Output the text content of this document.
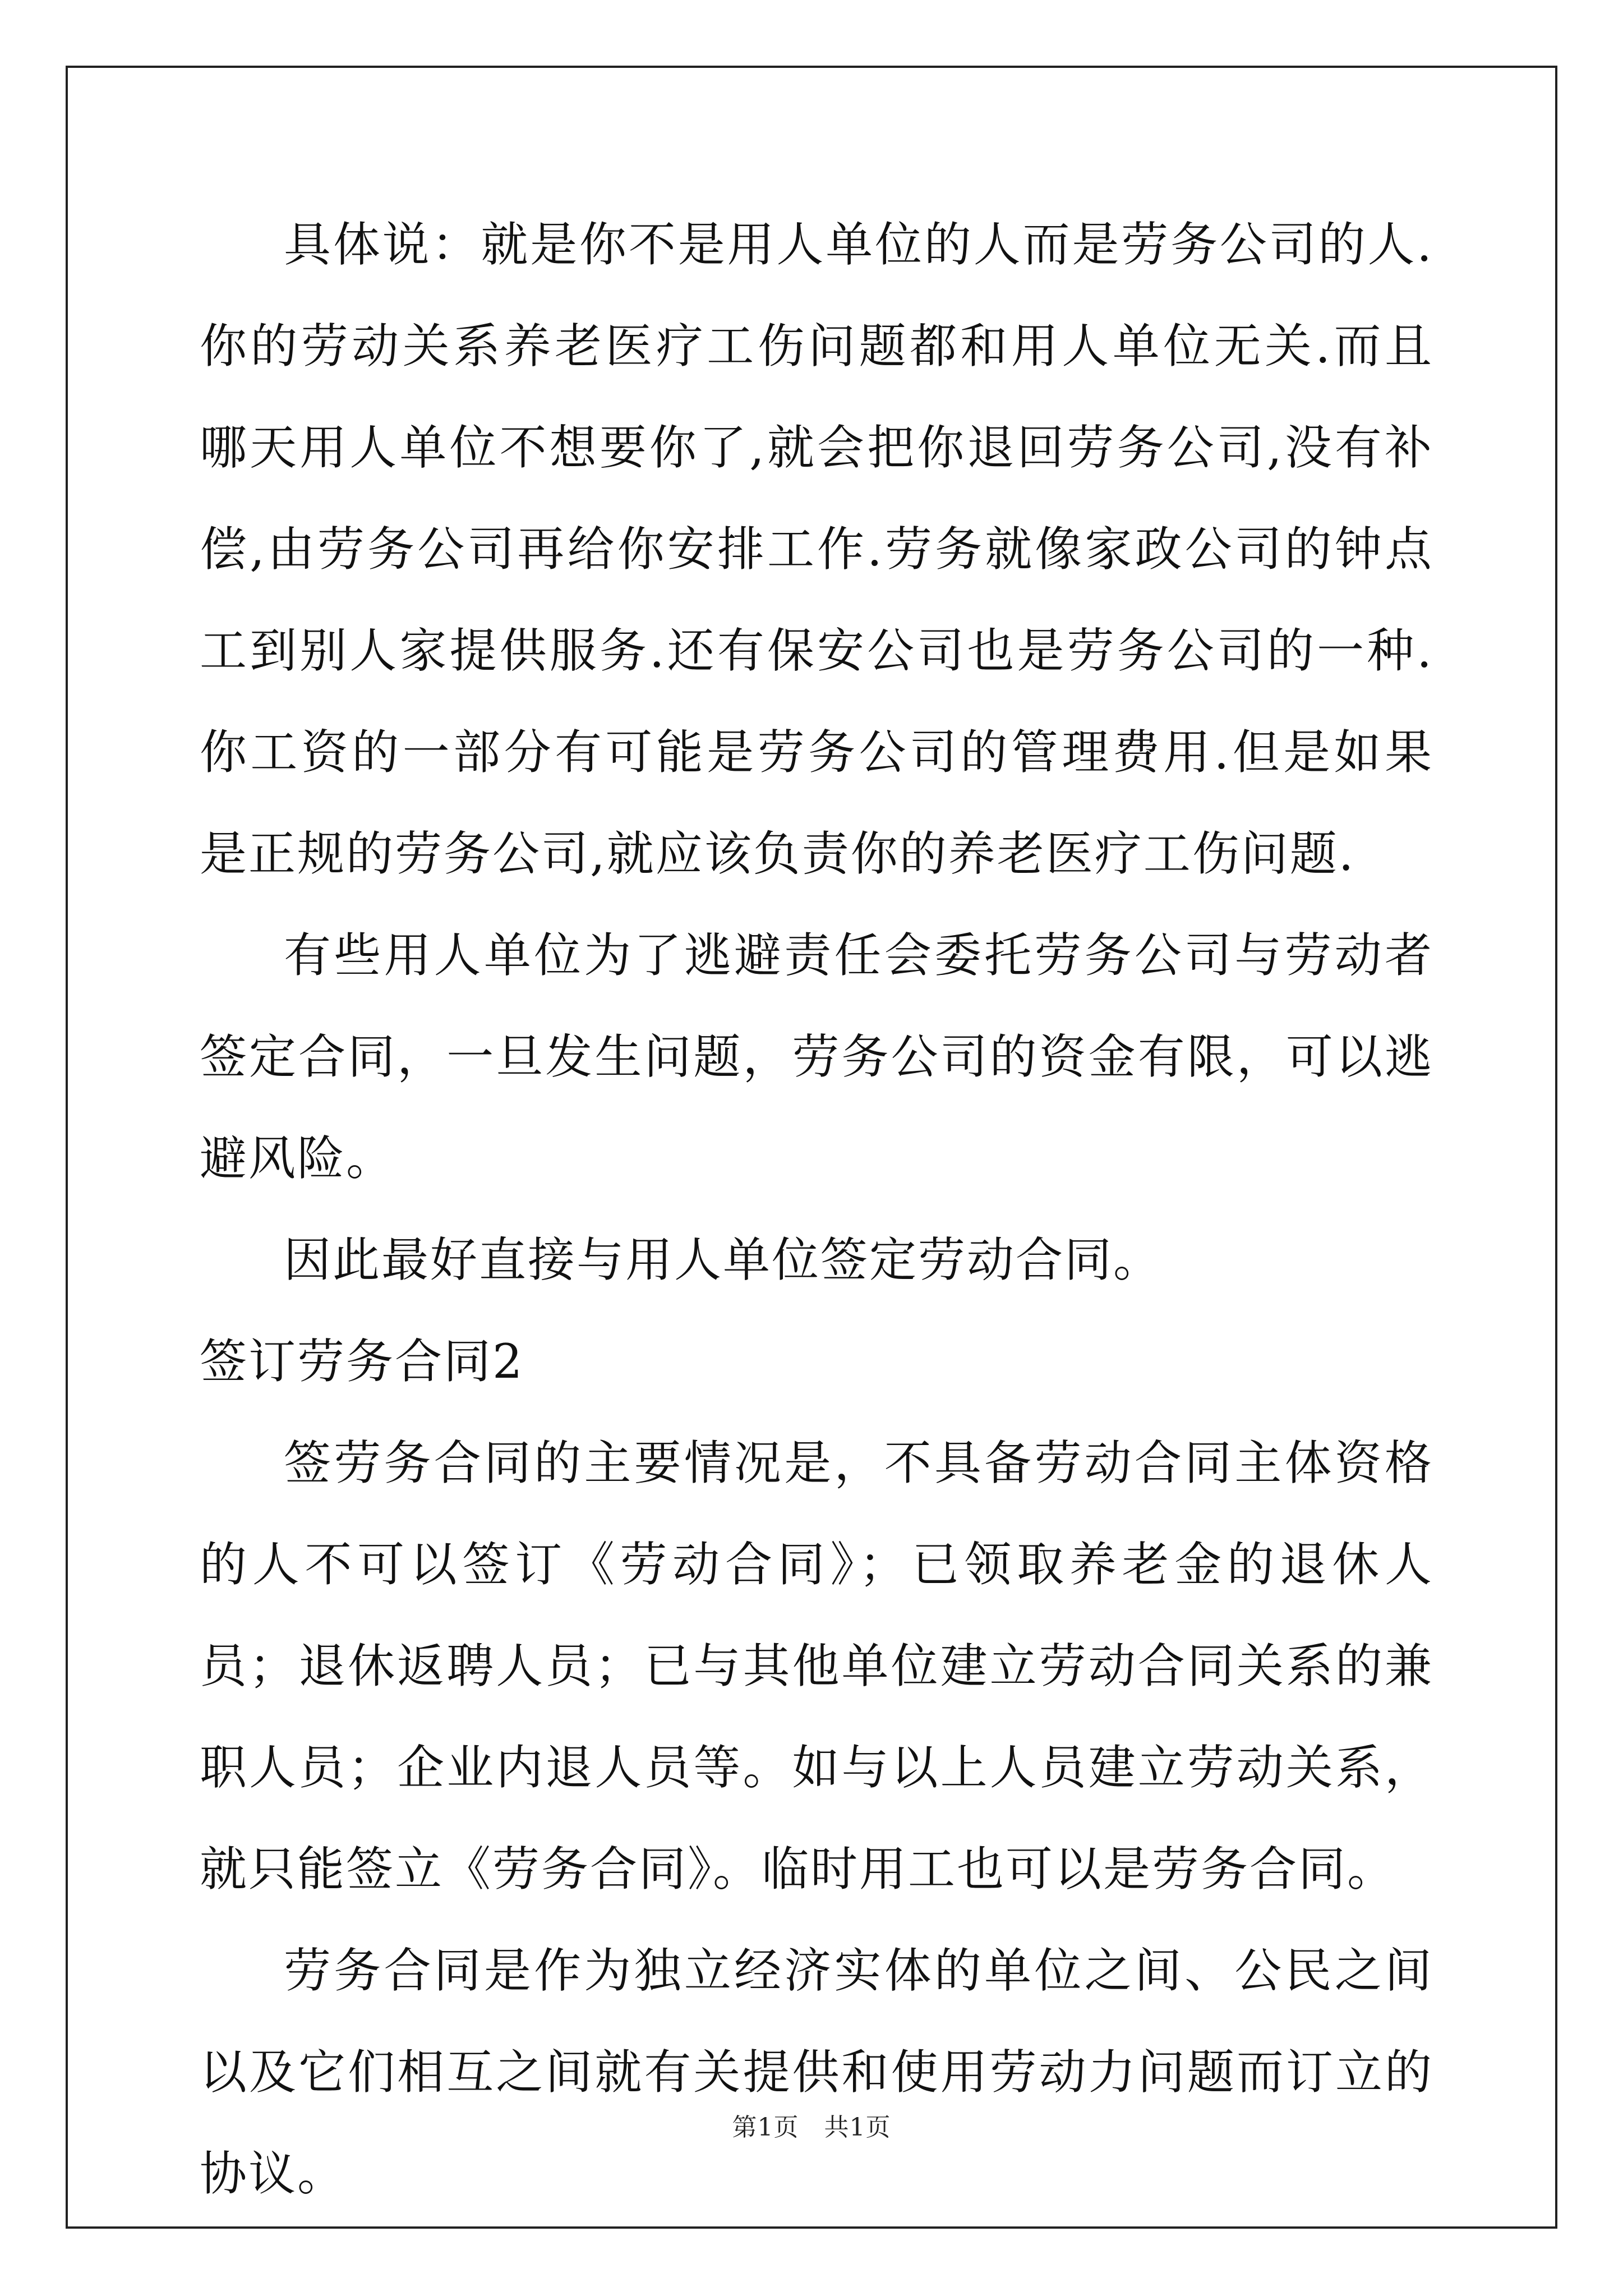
具体说：就是你不是用人单位的人而是劳务公司的人.你的劳动关系养老医疗工伤问题都和用人单位无关.而且哪天用人单位不想要你了,就会把你退回劳务公司,没有补偿,由劳务公司再给你安排工作.劳务就像家政公司的钟点工到别人家提供服务.还有保安公司也是劳务公司的一种.你工资的一部分有可能是劳务公司的管理费用.但是如果是正规的劳务公司,就应该负责你的养老医疗工伤问题.

有些用人单位为了逃避责任会委托劳务公司与劳动者签定合同，一旦发生问题，劳务公司的资金有限，可以逃避风险。

因此最好直接与用人单位签定劳动合同。

签订劳务合同2

签劳务合同的主要情况是，不具备劳动合同主体资格的人不可以签订《劳动合同》；已领取养老金的退休人员；退休返聘人员；已与其他单位建立劳动合同关系的兼职人员；企业内退人员等。如与以上人员建立劳动关系，就只能签立《劳务合同》。临时用工也可以是劳务合同。

劳务合同是作为独立经济实体的单位之间、公民之间以及它们相互之间就有关提供和使用劳动力问题而订立的协议。

第1页　共1页
